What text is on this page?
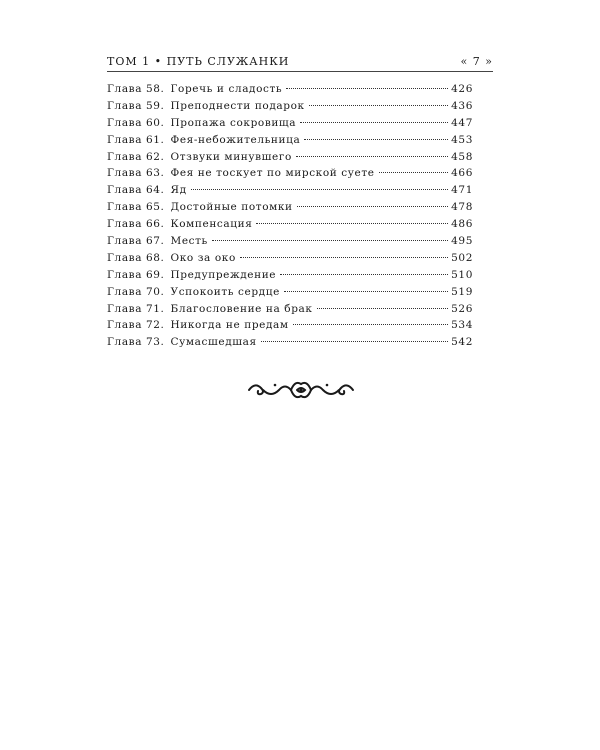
ТОМ 1 • ПУТЬ СЛУЖАНКИ	« 7 »
Глава 58. Горечь и сладость	426
Глава 59. Преподнести подарок	436
Глава 60. Пропажа сокровища	447
Глава 61. Фея-небожительница	453
Глава 62. Отзвуки минувшего	458
Глава 63. Фея не тоскует по мирской суете	466
Глава 64. Яд	471
Глава 65. Достойные потомки	478
Глава 66. Компенсация	486
Глава 67. Месть	495
Глава 68. Око за око	502
Глава 69. Предупреждение	510
Глава 70. Успокоить сердце	519
Глава 71. Благословение на брак	526
Глава 72. Никогда не предам	534
Глава 73. Сумасшедшая	542
